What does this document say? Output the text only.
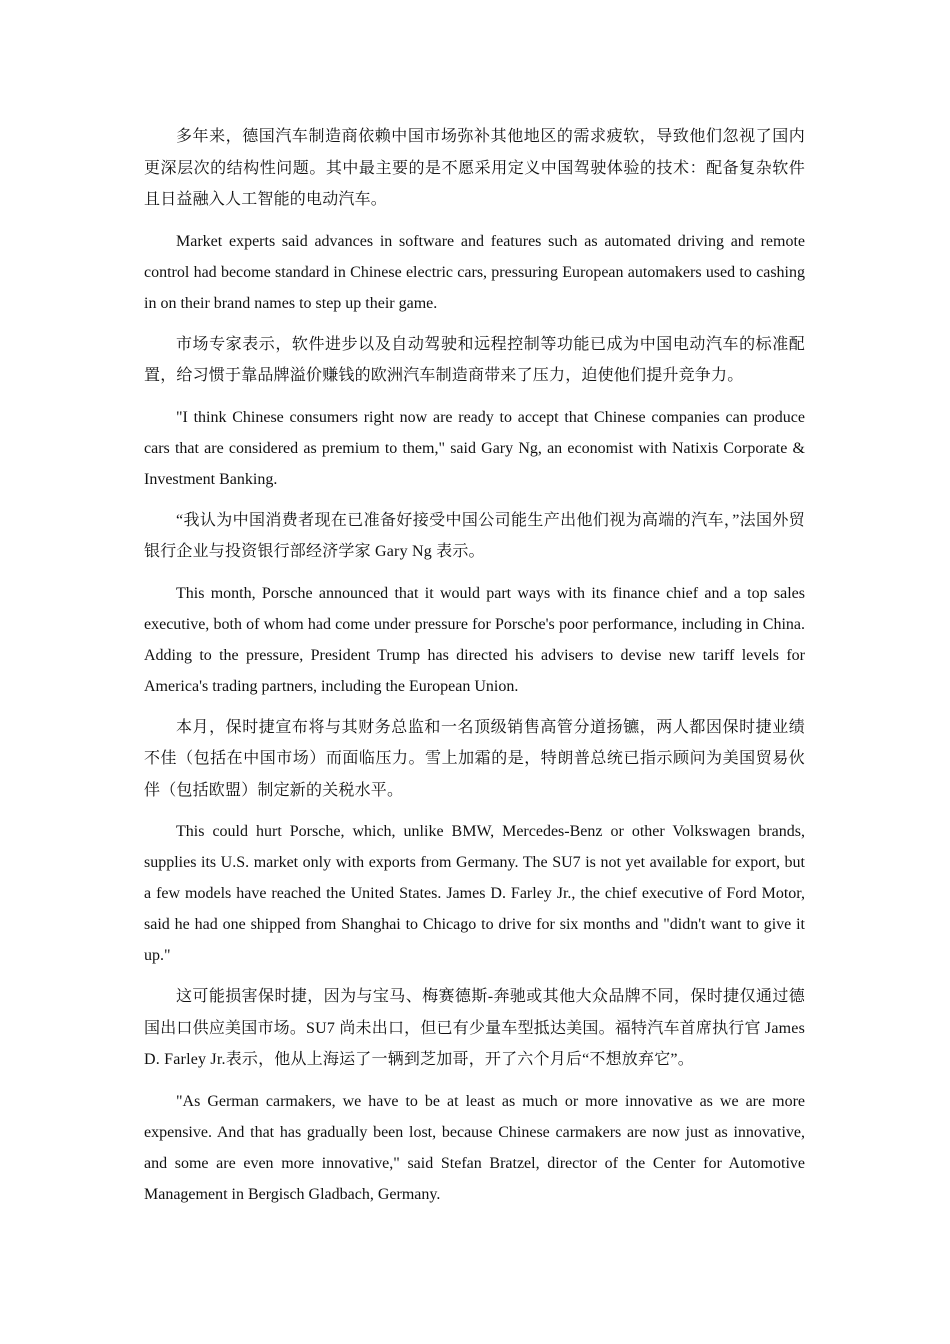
多年来，德国汽车制造商依赖中国市场弥补其他地区的需求疲软，导致他们忽视了国内更深层次的结构性问题。其中最主要的是不愿采用定义中国驾驶体验的技术：配备复杂软件且日益融入人工智能的电动汽车。

Market experts said advances in software and features such as automated driving and remote control had become standard in Chinese electric cars, pressuring European automakers used to cashing in on their brand names to step up their game.

市场专家表示，软件进步以及自动驾驶和远程控制等功能已成为中国电动汽车的标准配置，给习惯于靠品牌溢价赚钱的欧洲汽车制造商带来了压力，迫使他们提升竞争力。

"I think Chinese consumers right now are ready to accept that Chinese companies can produce cars that are considered as premium to them," said Gary Ng, an economist with Natixis Corporate & Investment Banking.

“我认为中国消费者现在已准备好接受中国公司能生产出他们视为高端的汽车，”法国外贸银行企业与投资银行部经济学家 Gary Ng 表示。

This month, Porsche announced that it would part ways with its finance chief and a top sales executive, both of whom had come under pressure for Porsche's poor performance, including in China. Adding to the pressure, President Trump has directed his advisers to devise new tariff levels for America's trading partners, including the European Union.

本月，保时捷宣布将与其财务总监和一名顶级销售高管分道扬镳，两人都因保时捷业绩不佳（包括在中国市场）而面临压力。雪上加霜的是，特朗普总统已指示顾问为美国贸易伙伴（包括欧盟）制定新的关税水平。

This could hurt Porsche, which, unlike BMW, Mercedes-Benz or other Volkswagen brands, supplies its U.S. market only with exports from Germany. The SU7 is not yet available for export, but a few models have reached the United States. James D. Farley Jr., the chief executive of Ford Motor, said he had one shipped from Shanghai to Chicago to drive for six months and "didn't want to give it up."

这可能损害保时捷，因为与宝马、梅赛德斯-奔驰或其他大众品牌不同，保时捷仅通过德国出口供应美国市场。SU7 尚未出口，但已有少量车型抵达美国。福特汽车首席执行官 James D. Farley Jr.表示，他从上海运了一辆到芝加哥，开了六个月后“不想放弃它”。

"As German carmakers, we have to be at least as much or more innovative as we are more expensive. And that has gradually been lost, because Chinese carmakers are now just as innovative, and some are even more innovative," said Stefan Bratzel, director of the Center for Automotive Management in Bergisch Gladbach, Germany.
